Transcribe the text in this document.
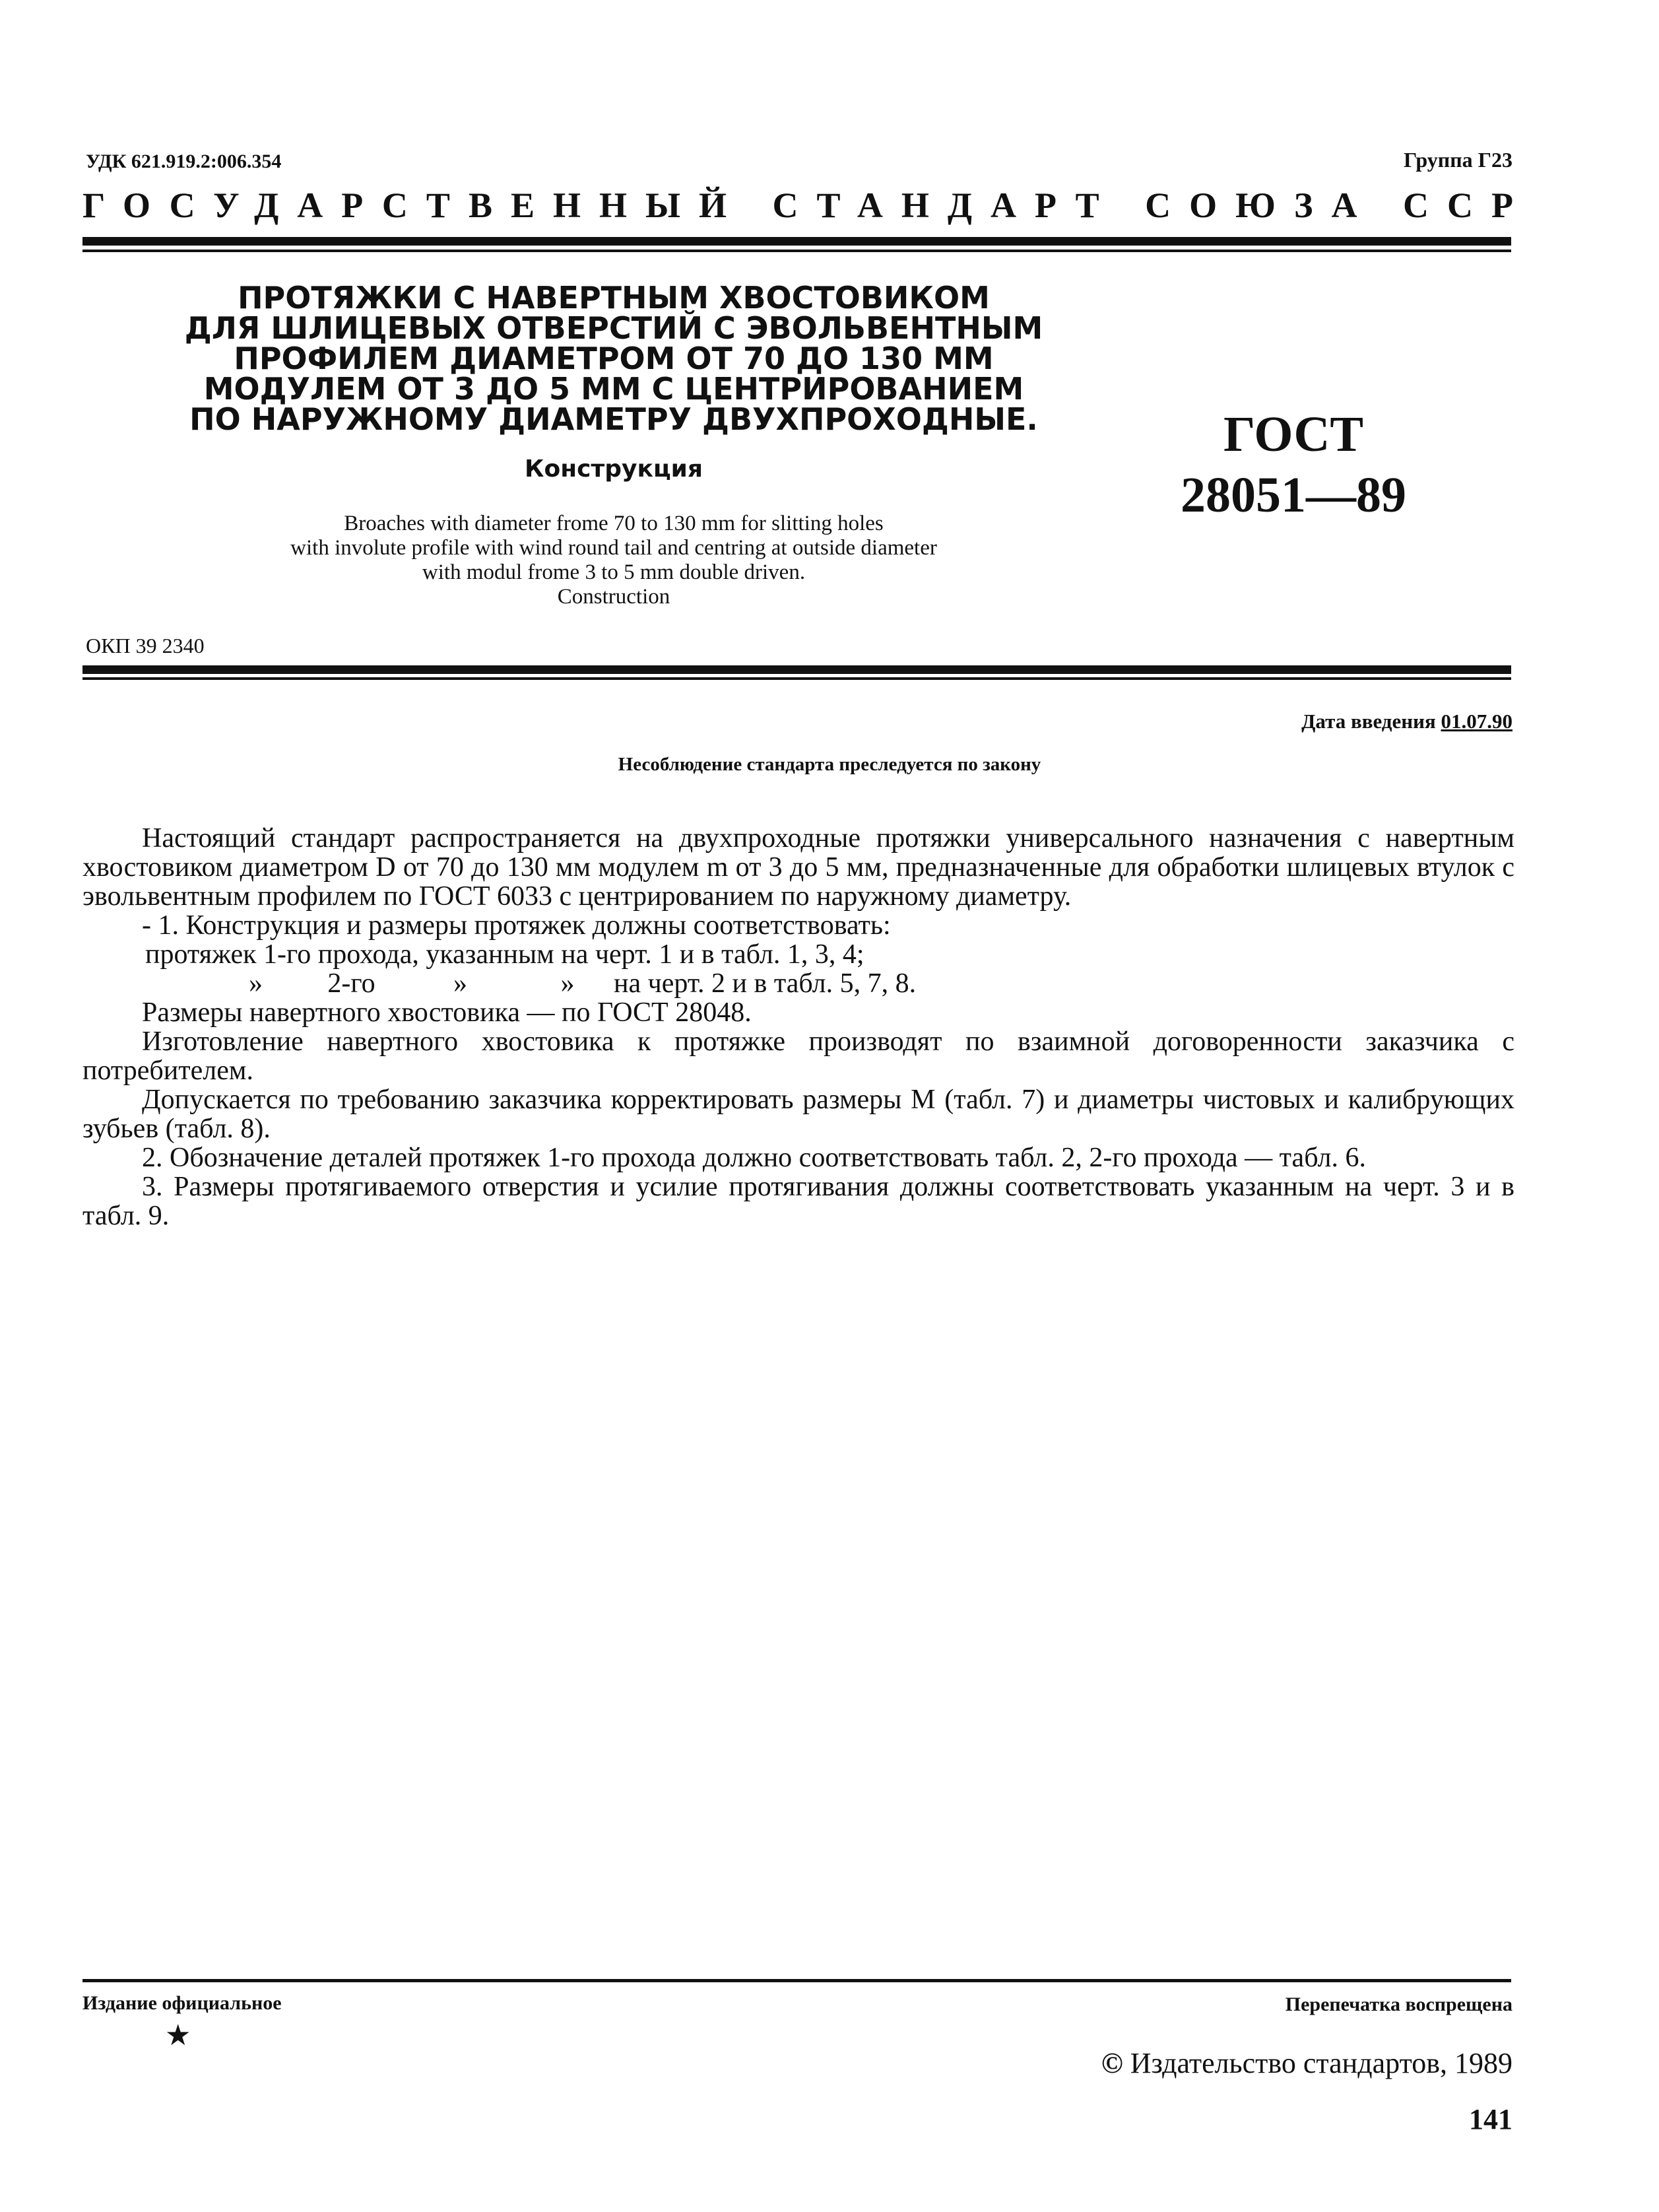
УДК 621.919.2:006.354	Группа Г23
ГОСУДАРСТВЕННЫЙ СТАНДАРТ СОЮЗА ССР
ПРОТЯЖКИ С НАВЕРТНЫМ ХВОСТОВИКОМ
ДЛЯ ШЛИЦЕВЫХ ОТВЕРСТИЙ С ЭВОЛЬВЕНТНЫМ
ПРОФИЛЕМ ДИАМЕТРОМ ОТ 70 ДО 130 ММ
МОДУЛЕМ ОТ 3 ДО 5 ММ С ЦЕНТРИРОВАНИЕМ
ПО НАРУЖНОМУ ДИАМЕТРУ ДВУХПРОХОДНЫЕ.
Конструкция
Broaches with diameter frome 70 to 130 mm for slitting holes
with involute profile with wind round tail and centring at outside diameter
with modul frome 3 to 5 mm double driven.
Construction
ГОСТ
28051—89
ОКП 39 2340
Дата введения 01.07.90
Несоблюдение стандарта преследуется по закону

Настоящий стандарт распространяется на двухпроходные протяжки универсального назначения с навертным хвостовиком диаметром D от 70 до 130 мм модулем m от 3 до 5 мм, предназначенные для обработки шлицевых втулок с эвольвентным профилем по ГОСТ 6033 с центрированием по наружному диаметру.

- 1. Конструкция и размеры протяжек должны соответствовать:

протяжек 1-го прохода, указанным на черт. 1 и в табл. 1, 3, 4;
» 2-го	»	» на черт. 2 и в табл. 5, 7, 8.

Размеры навертного хвостовика — по ГОСТ 28048.

Изготовление навертного хвостовика к протяжке производят по взаимной договоренности заказчика с потребителем.

Допускается по требованию заказчика корректировать размеры M (табл. 7) и диаметры чистовых и калибрующих зубьев (табл. 8).

2. Обозначение деталей протяжек 1-го прохода должно соответствовать табл. 2, 2-го прохода — табл. 6.

3. Размеры протягиваемого отверстия и усилие протягивания должны соответствовать указанным на черт. 3 и в табл. 9.

Издание официальное
★
Перепечатка воспрещена
© Издательство стандартов, 1989
141
